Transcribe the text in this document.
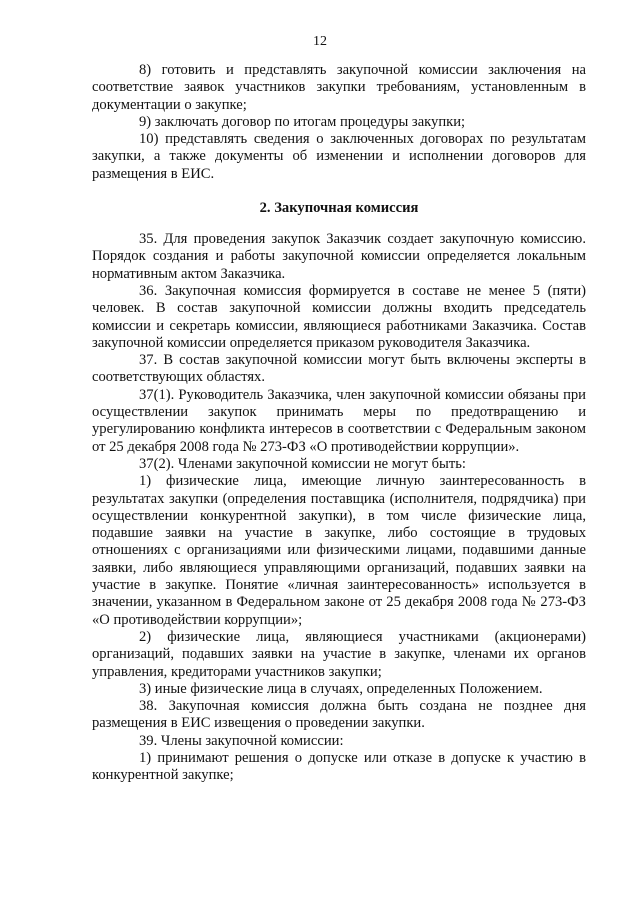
12

8) готовить и представлять закупочной комиссии заключения на соответствие заявок участников закупки требованиям, установленным в документации о закупке;

9) заключать договор по итогам процедуры закупки;

10) представлять сведения о заключенных договорах по результатам закупки, а также документы об изменении и исполнении договоров для размещения в ЕИС.

2. Закупочная комиссия

35. Для проведения закупок Заказчик создает закупочную комиссию. Порядок создания и работы закупочной комиссии определяется локальным нормативным актом Заказчика.

36. Закупочная комиссия формируется в составе не менее 5 (пяти) человек. В состав закупочной комиссии должны входить председатель комиссии и секретарь комиссии, являющиеся работниками Заказчика. Состав закупочной комиссии определяется приказом руководителя Заказчика.

37. В состав закупочной комиссии могут быть включены эксперты в соответствующих областях.

37(1). Руководитель Заказчика, член закупочной комиссии обязаны при осуществлении закупок принимать меры по предотвращению и урегулированию конфликта интересов в соответствии с Федеральным законом от 25 декабря 2008 года № 273-ФЗ «О противодействии коррупции».

37(2). Членами закупочной комиссии не могут быть:

1) физические лица, имеющие личную заинтересованность в результатах закупки (определения поставщика (исполнителя, подрядчика) при осуществлении конкурентной закупки), в том числе физические лица, подавшие заявки на участие в закупке, либо состоящие в трудовых отношениях с организациями или физическими лицами, подавшими данные заявки, либо являющиеся управляющими организаций, подавших заявки на участие в закупке. Понятие «личная заинтересованность» используется в значении, указанном в Федеральном законе от 25 декабря 2008 года № 273-ФЗ «О противодействии коррупции»;

2) физические лица, являющиеся участниками (акционерами) организаций, подавших заявки на участие в закупке, членами их органов управления, кредиторами участников закупки;

3) иные физические лица в случаях, определенных Положением.

38. Закупочная комиссия должна быть создана не позднее дня размещения в ЕИС извещения о проведении закупки.

39. Члены закупочной комиссии:

1) принимают решения о допуске или отказе в допуске к участию в конкурентной закупке;
